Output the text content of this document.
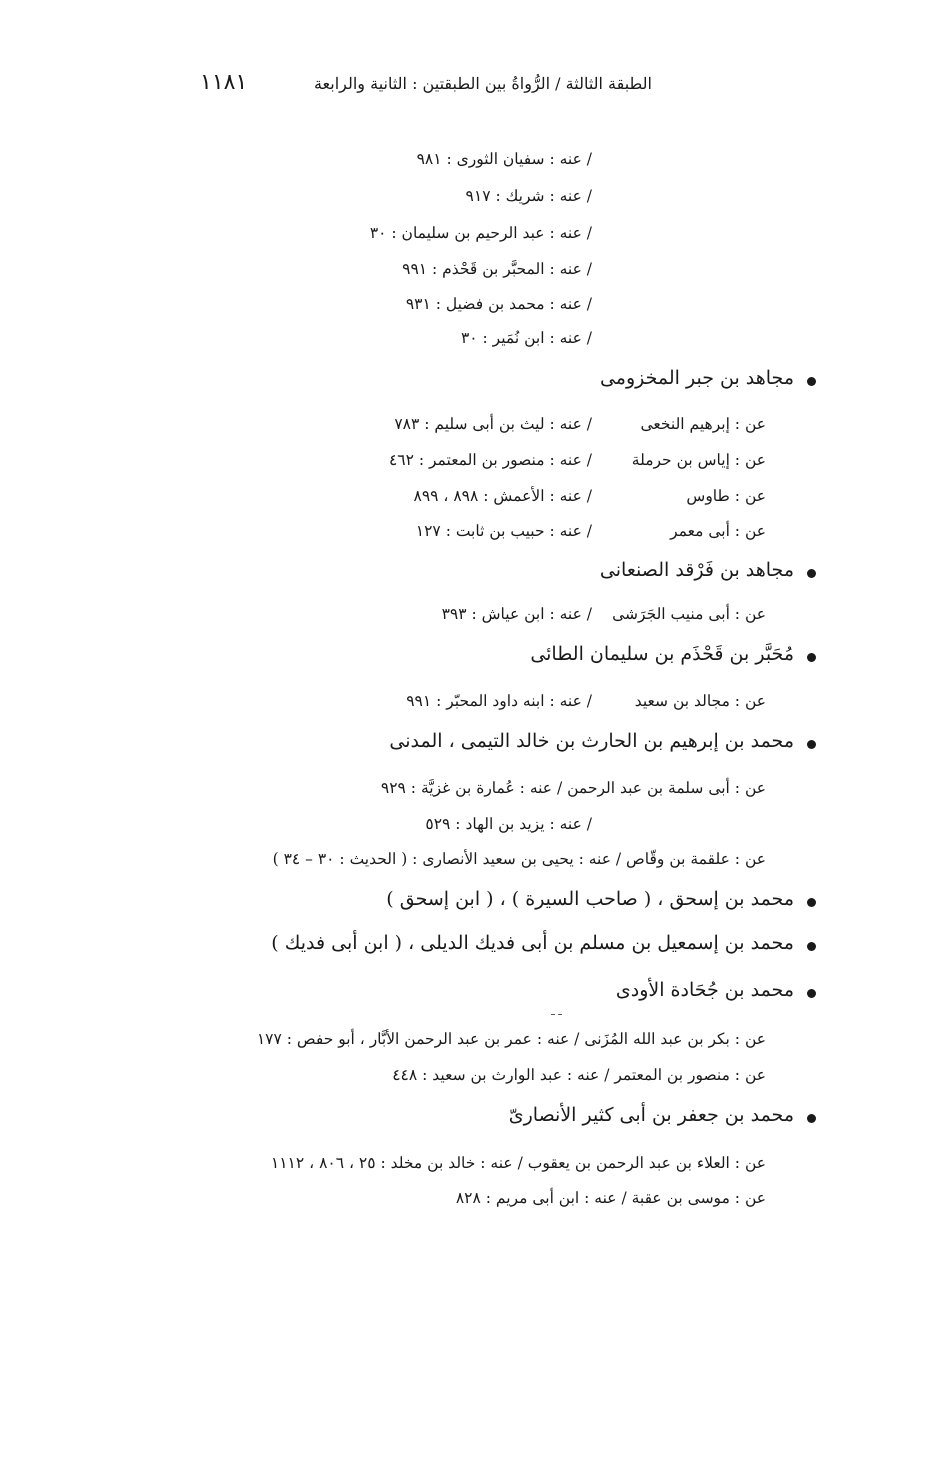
الطبقة الثالثة / الرُّواةُ بين الطبقتين : الثانية والرابعة
١١٨١
/ عنه : سفيان الثورى : ٩٨١
/ عنه : شريك : ٩١٧
/ عنه : عبد الرحيم بن سليمان : ٣٠
/ عنه : المحبَّر بن قَحْذم : ٩٩١
/ عنه : محمد بن فضيل : ٩٣١
/ عنه : ابن نُمَير : ٣٠
مجاهد بن جبر المخزومى
عن : إبرهيم النخعى
/ عنه : ليث بن أبى سليم : ٧٨٣
عن : إياس بن حرملة
/ عنه : منصور بن المعتمر : ٤٦٢
عن : طاوس
/ عنه : الأعمش : ٨٩٨ ، ٨٩٩
عن : أبى معمر
/ عنه : حبيب بن ثابت : ١٢٧
مجاهد بن فَرْقد الصنعانى
عن : أبى منيب الجَرَشى
/ عنه : ابن عياش : ٣٩٣
مُحَبَّر بن قَحْذَم بن سليمان الطائى
عن : مجالد بن سعيد
/ عنه : ابنه داود المحبّر : ٩٩١
محمد بن إبرهيم بن الحارث بن خالد التيمى ، المدنى
عن : أبى سلمة بن عبد الرحمن / عنه : عُمارة بن غزيَّة : ٩٢٩
/ عنه : يزيد بن الهاد : ٥٢٩
عن : علقمة بن وقّاص / عنه : يحيى بن سعيد الأنصارى : ( الحديث : ٣٠ – ٣٤ )
محمد بن إسحق ، ( صاحب السيرة ) ، ( ابن إسحق )
محمد بن إسمعيل بن مسلم بن أبى فديك الديلى ، ( ابن أبى فديك )
محمد بن جُحَادة الأودى
عن : بكر بن عبد الله المُزَنى / عنه : عمر بن عبد الرحمن الأبَّار ، أبو حفص : ١٧٧
عن : منصور بن المعتمر / عنه : عبد الوارث بن سعيد : ٤٤٨
محمد بن جعفر بن أبى كثير الأنصارىّ
عن : العلاء بن عبد الرحمن بن يعقوب / عنه : خالد بن مخلد : ٢٥ ، ٨٠٦ ، ١١١٢
عن : موسى بن عقبة / عنه : ابن أبى مريم : ٨٢٨
